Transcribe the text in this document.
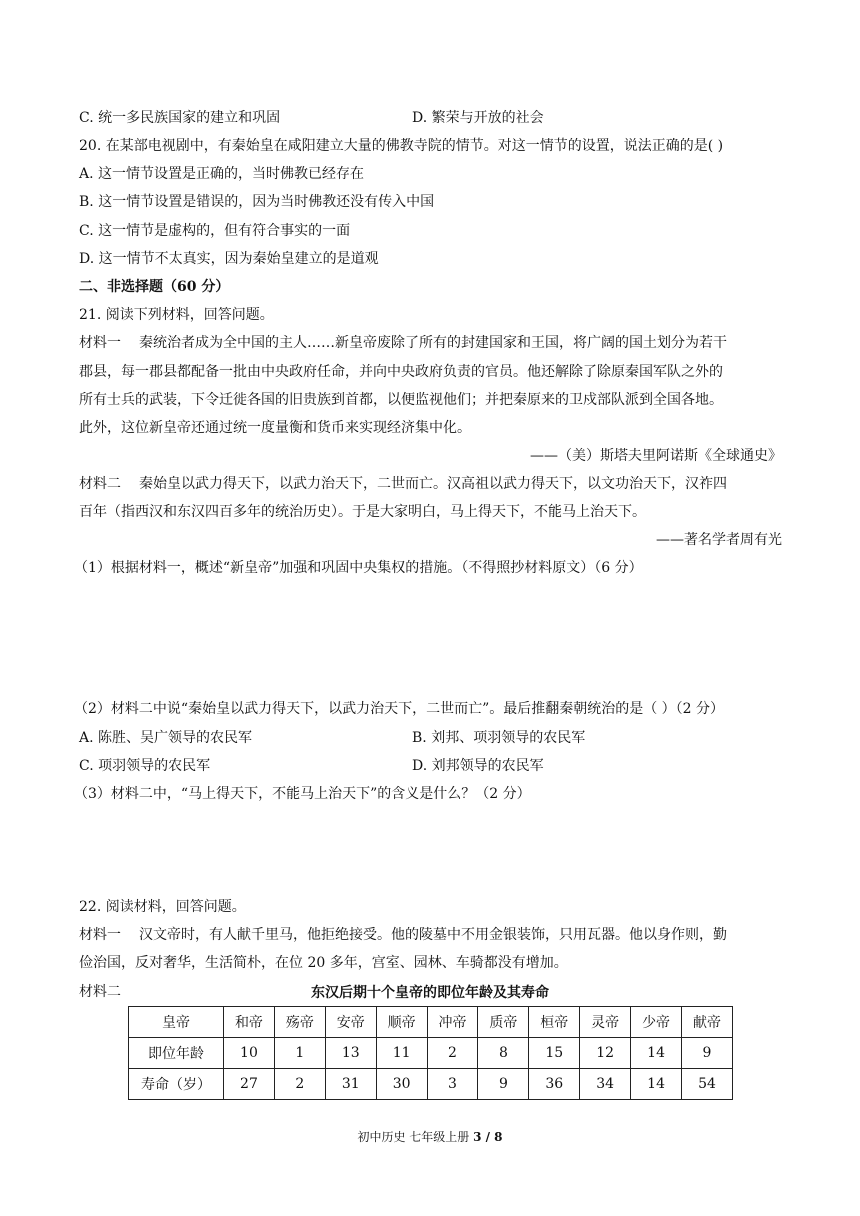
C. 统一多民族国家的建立和巩固	D. 繁荣与开放的社会
20. 在某部电视剧中，有秦始皇在咸阳建立大量的佛教寺院的情节。对这一情节的设置，说法正确的是( )
A. 这一情节设置是正确的，当时佛教已经存在
B. 这一情节设置是错误的，因为当时佛教还没有传入中国
C. 这一情节是虚构的，但有符合事实的一面
D. 这一情节不太真实，因为秦始皇建立的是道观
二、非选择题（60 分）
21. 阅读下列材料，回答问题。
材料一 秦统治者成为全中国的主人……新皇帝废除了所有的封建国家和王国，将广阔的国土划分为若干
郡县，每一郡县都配备一批由中央政府任命，并向中央政府负责的官员。他还解除了除原秦国军队之外的
所有士兵的武装，下令迁徙各国的旧贵族到首都，以便监视他们；并把秦原来的卫戍部队派到全国各地。
此外，这位新皇帝还通过统一度量衡和货币来实现经济集中化。
——（美）斯塔夫里阿诺斯《全球通史》
材料二 秦始皇以武力得天下，以武力治天下，二世而亡。汉高祖以武力得天下，以文功治天下，汉祚四
百年（指西汉和东汉四百多年的统治历史）。于是大家明白，马上得天下，不能马上治天下。
——著名学者周有光
（1）根据材料一，概述“新皇帝”加强和巩固中央集权的措施。（不得照抄材料原文）（6 分）
（2）材料二中说“秦始皇以武力得天下，以武力治天下，二世而亡”。最后推翻秦朝统治的是（ ）（2 分）
A. 陈胜、吴广领导的农民军	B. 刘邦、项羽领导的农民军
C. 项羽领导的农民军	D. 刘邦领导的农民军
（3）材料二中，“马上得天下，不能马上治天下”的含义是什么？（2 分）
22. 阅读材料，回答问题。
材料一 汉文帝时，有人献千里马，他拒绝接受。他的陵墓中不用金银装饰，只用瓦器。他以身作则，勤
俭治国，反对奢华，生活简朴，在位 20 多年，宫室、园林、车骑都没有增加。
材料二	东汉后期十个皇帝的即位年龄及其寿命
皇帝	和帝	殇帝	安帝	顺帝	冲帝	质帝	桓帝	灵帝	少帝	献帝
即位年龄	10	1	13	11	2	8	15	12	14	9
寿命（岁）	27	2	31	30	3	9	36	34	14	54
初中历史 七年级上册 3 / 8
